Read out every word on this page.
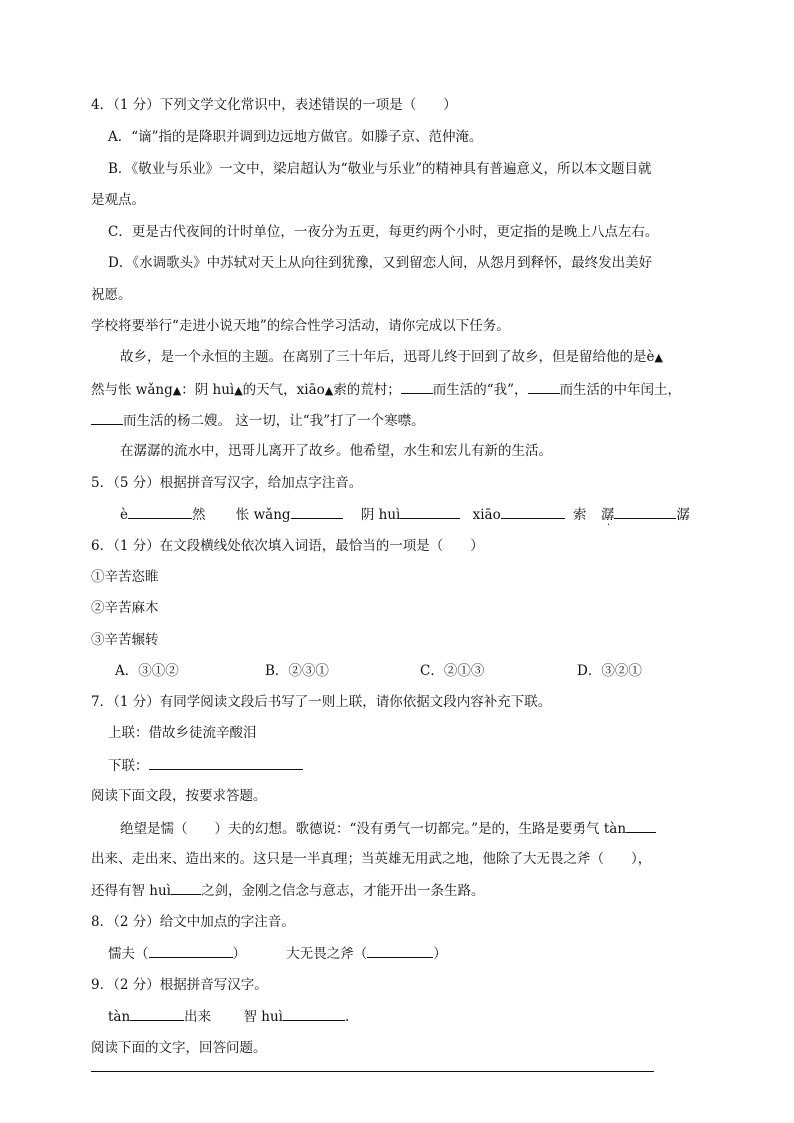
4．（1 分）下列文学文化常识中，表述错误的一项是（　　）
A．“谪”指的是降职并调到边远地方做官。如滕子京、范仲淹。
B．《敬业与乐业》一文中，梁启超认为“敬业与乐业”的精神具有普遍意义，所以本文题目就
是观点。
C．更是古代夜间的计时单位，一夜分为五更，每更约两个小时，更定指的是晚上八点左右。
D．《水调歌头》中苏轼对天上从向往到犹豫，又到留恋人间，从怨月到释怀，最终发出美好
祝愿。
学校将要举行“走进小说天地”的综合性学习活动，请你完成以下任务。
故乡，是一个永恒的主题。在离别了三十年后，迅哥儿终于回到了故乡，但是留给他的是è▲
然与怅 wǎng▲：阴 huì▲的天气，xiāo▲索的荒村； 而生活的“我”， 而生活的中年闰土，
而生活的杨二嫂。 这一切，让“我”打了一个寒噤。
在潺潺的流水中，迅哥儿离开了故乡。他希望，水生和宏儿有新的生活。
5．（5 分）根据拼音写汉字，给加点字注音。
è	然 怅 wǎng	阴 huì	xiāo	索 潺	潺
6．（1 分）在文段横线处依次填入词语，最恰当的一项是（　　）
①辛苦恣睢
②辛苦麻木
③辛苦辗转
A．③①②	B．②③①	C．②①③	D．③②①
7．（1 分）有同学阅读文段后书写了一则上联，请你依据文段内容补充下联。
上联：借故乡徒流辛酸泪
下联：
阅读下面文段，按要求答题。
绝望是懦（　　）夫的幻想。歌德说：“没有勇气一切都完。”是的，生路是要勇气 tàn
出来、走出来、造出来的。这只是一半真理；当英雄无用武之地，他除了大无畏之斧（　　），
还得有智 huì 之剑，金刚之信念与意志，才能开出一条生路。
8．（2 分）给文中加点的字注音。
懦夫（	）	大无畏之斧（	）
9．（2 分）根据拼音写汉字。
tàn	出来 智 huì	.
阅读下面的文字，回答问题。
